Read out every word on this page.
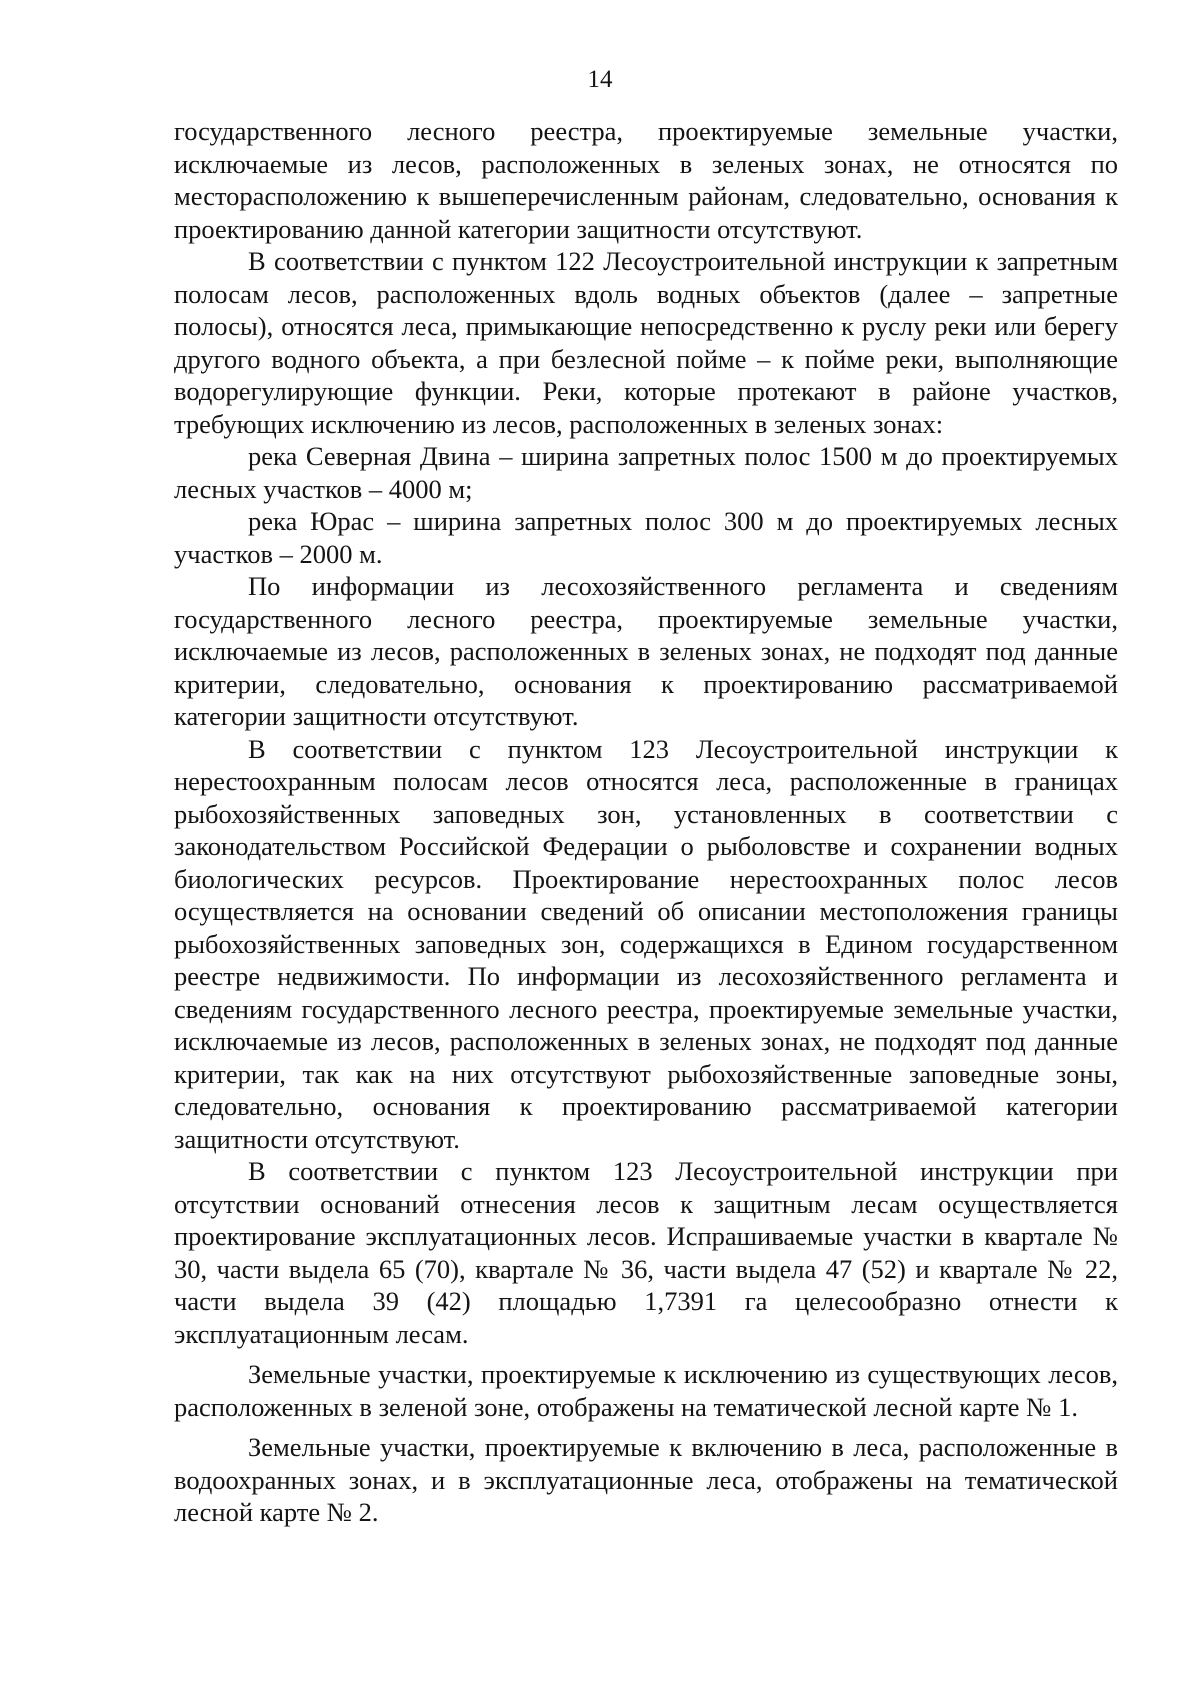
14

государственного лесного реестра, проектируемые земельные участки, исключаемые из лесов, расположенных в зеленых зонах, не относятся по месторасположению к вышеперечисленным районам, следовательно, основания к проектированию данной категории защитности отсутствуют.

В соответствии с пунктом 122 Лесоустроительной инструкции к запретным полосам лесов, расположенных вдоль водных объектов (далее – запретные полосы), относятся леса, примыкающие непосредственно к руслу реки или берегу другого водного объекта, а при безлесной пойме – к пойме реки, выполняющие водорегулирующие функции. Реки, которые протекают в районе участков, требующих исключению из лесов, расположенных в зеленых зонах:

река Северная Двина – ширина запретных полос 1500 м до проектируемых лесных участков – 4000 м;

река Юрас – ширина запретных полос 300 м до проектируемых лесных участков – 2000 м.

По информации из лесохозяйственного регламента и сведениям государственного лесного реестра, проектируемые земельные участки, исключаемые из лесов, расположенных в зеленых зонах, не подходят под данные критерии, следовательно, основания к проектированию рассматриваемой категории защитности отсутствуют.

В соответствии с пунктом 123 Лесоустроительной инструкции к нерестоохранным полосам лесов относятся леса, расположенные в границах рыбохозяйственных заповедных зон, установленных в соответствии с законодательством Российской Федерации о рыболовстве и сохранении водных биологических ресурсов. Проектирование нерестоохранных полос лесов осуществляется на основании сведений об описании местоположения границы рыбохозяйственных заповедных зон, содержащихся в Едином государственном реестре недвижимости. По информации из лесохозяйственного регламента и сведениям государственного лесного реестра, проектируемые земельные участки, исключаемые из лесов, расположенных в зеленых зонах, не подходят под данные критерии, так как на них отсутствуют рыбохозяйственные заповедные зоны, следовательно, основания к проектированию рассматриваемой категории защитности отсутствуют.

В соответствии с пунктом 123 Лесоустроительной инструкции при отсутствии оснований отнесения лесов к защитным лесам осуществляется проектирование эксплуатационных лесов. Испрашиваемые участки в квартале № 30, части выдела 65 (70), квартале № 36, части выдела 47 (52) и квартале № 22, части выдела 39 (42) площадью 1,7391 га целесообразно отнести к эксплуатационным лесам.

Земельные участки, проектируемые к исключению из существующих лесов, расположенных в зеленой зоне, отображены на тематической лесной карте № 1.

Земельные участки, проектируемые к включению в леса, расположенные в водоохранных зонах, и в эксплуатационные леса, отображены на тематической лесной карте № 2.
